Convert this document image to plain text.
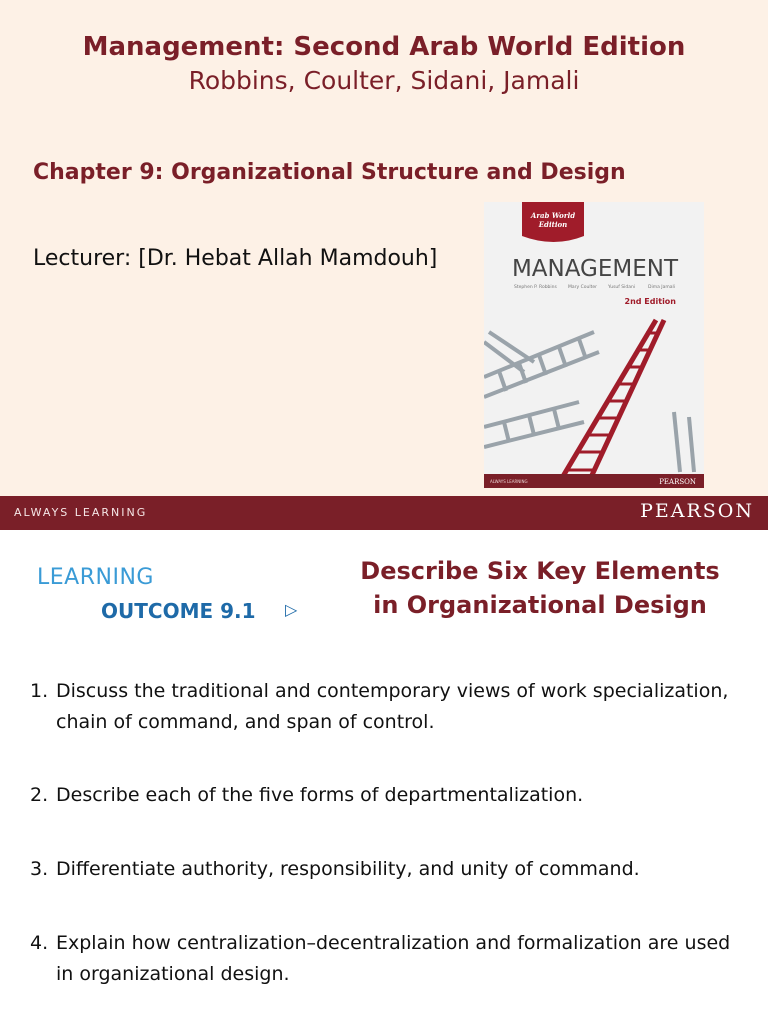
Management: Second Arab World Edition
Robbins, Coulter, Sidani, Jamali
Chapter 9: Organizational Structure and Design
Lecturer: [Dr. Hebat Allah Mamdouh]
Arab World
Edition
MANAGEMENT
Stephen P. Robbins Mary Coulter Yusuf Sidani	Dima Jamali
2nd Edition
ALWAYS LEARNING	PEARSON
ALWAYS LEARNING	PEARSON
LEARNING
OUTCOME 9.1 ▷
Describe Six Key Elements
in Organizational Design
1. Discuss the traditional and contemporary views of work specialization, chain of command, and span of control.
2. Describe each of the five forms of departmentalization.
3. Differentiate authority, responsibility, and unity of command.
4. Explain how centralization–decentralization and formalization are used in organizational design.
